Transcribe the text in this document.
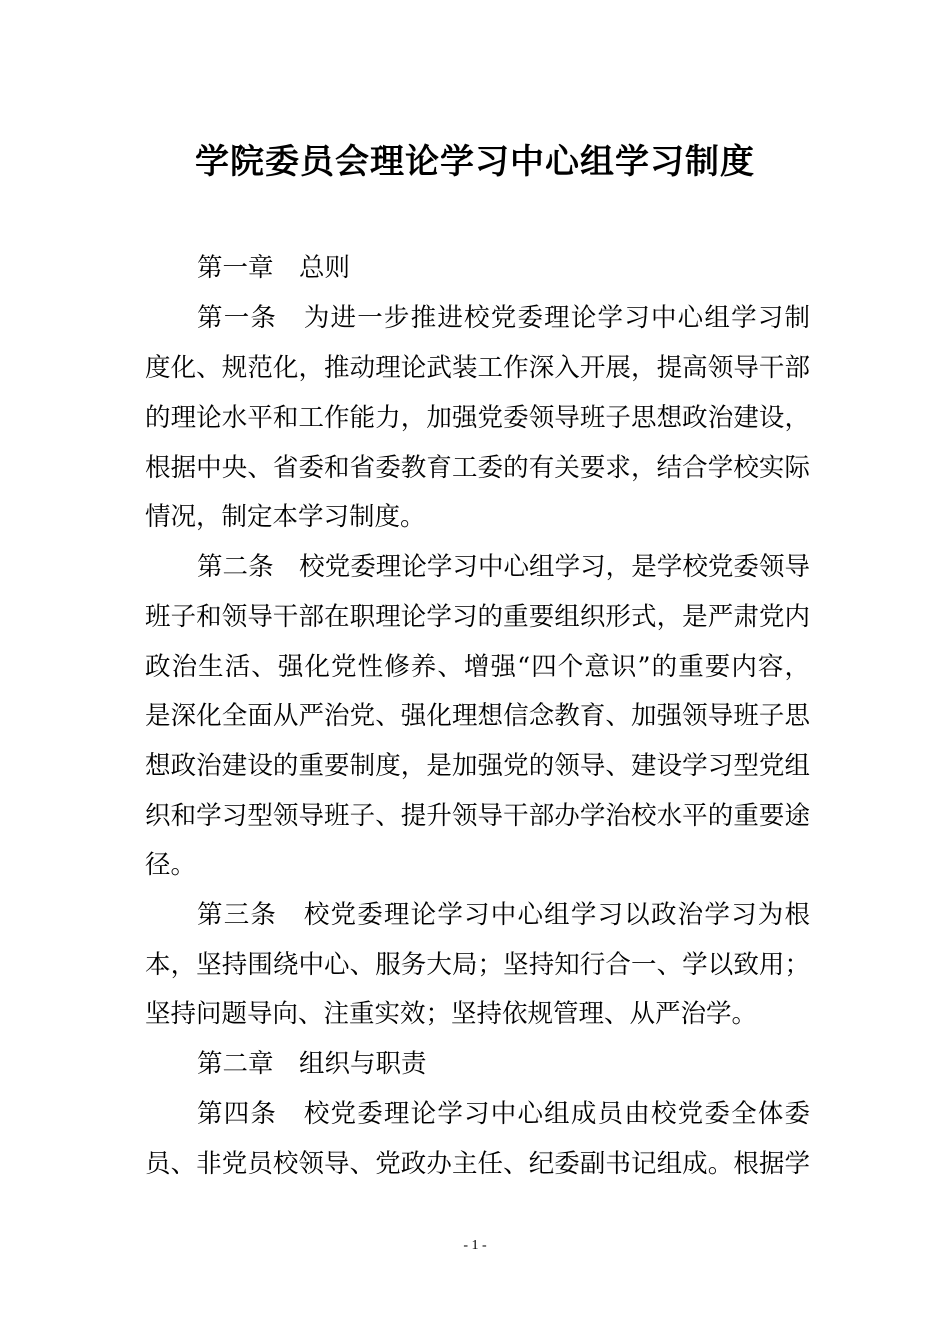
学院委员会理论学习中心组学习制度
第一章　总则
第一条　为进一步推进校党委理论学习中心组学习制
度化、规范化，推动理论武装工作深入开展，提高领导干部
的理论水平和工作能力，加强党委领导班子思想政治建设，
根据中央、省委和省委教育工委的有关要求，结合学校实际
情况，制定本学习制度。
第二条　校党委理论学习中心组学习，是学校党委领导
班子和领导干部在职理论学习的重要组织形式，是严肃党内
政治生活、强化党性修养、增强“四个意识”的重要内容，
是深化全面从严治党、强化理想信念教育、加强领导班子思
想政治建设的重要制度，是加强党的领导、建设学习型党组
织和学习型领导班子、提升领导干部办学治校水平的重要途
径。
第三条　校党委理论学习中心组学习以政治学习为根
本，坚持围绕中心、服务大局；坚持知行合一、学以致用；
坚持问题导向、注重实效；坚持依规管理、从严治学。
第二章　组织与职责
第四条　校党委理论学习中心组成员由校党委全体委
员、非党员校领导、党政办主任、纪委副书记组成。根据学
- 1 -
